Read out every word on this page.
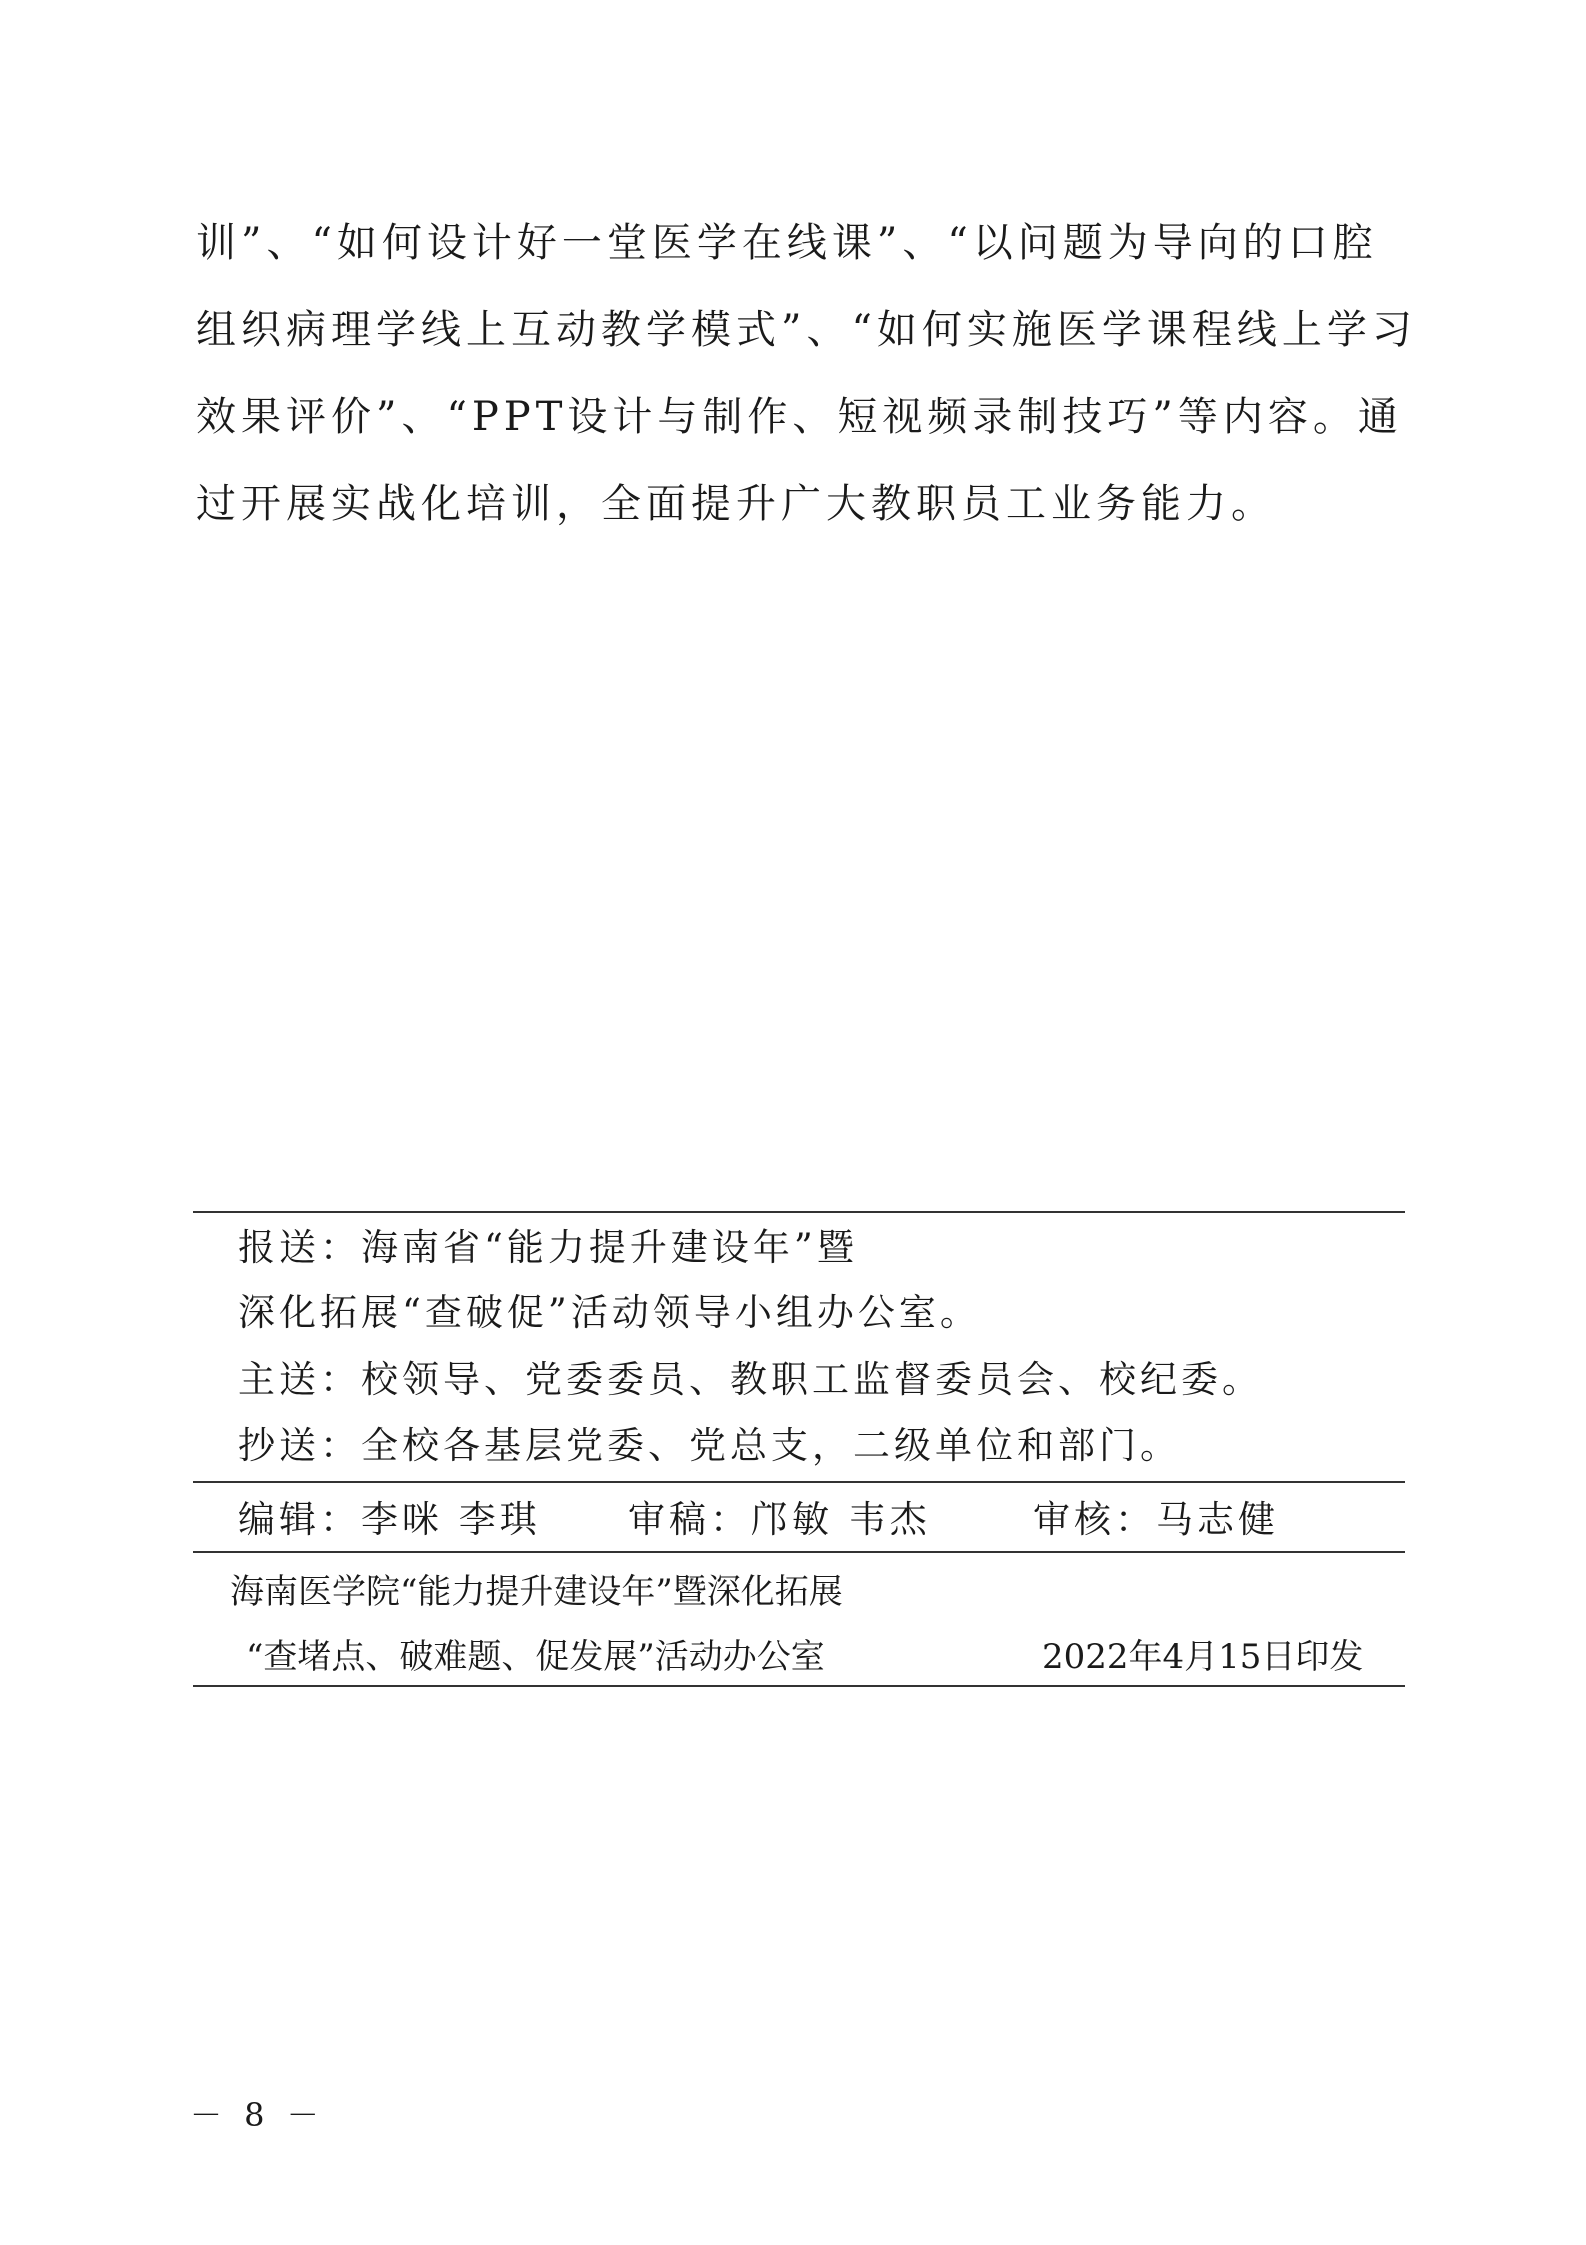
训”、“如何设计好一堂医学在线课”、“以问题为导向的口腔
组织病理学线上互动教学模式”、“如何实施医学课程线上学习
效果评价”、“PPT设计与制作、短视频录制技巧”等内容。通
过开展实战化培训，全面提升广大教职员工业务能力。
报送：海南省“能力提升建设年”暨
深化拓展“查破促”活动领导小组办公室。
主送：校领导、党委委员、教职工监督委员会、校纪委。
抄送：全校各基层党委、党总支，二级单位和部门。
编辑：李咪 李琪 审稿：邝敏 韦杰	审核：马志健
海南医学院“能力提升建设年”暨深化拓展
“查堵点、破难题、促发展”活动办公室	2022年4月15日印发
－ 8 －
